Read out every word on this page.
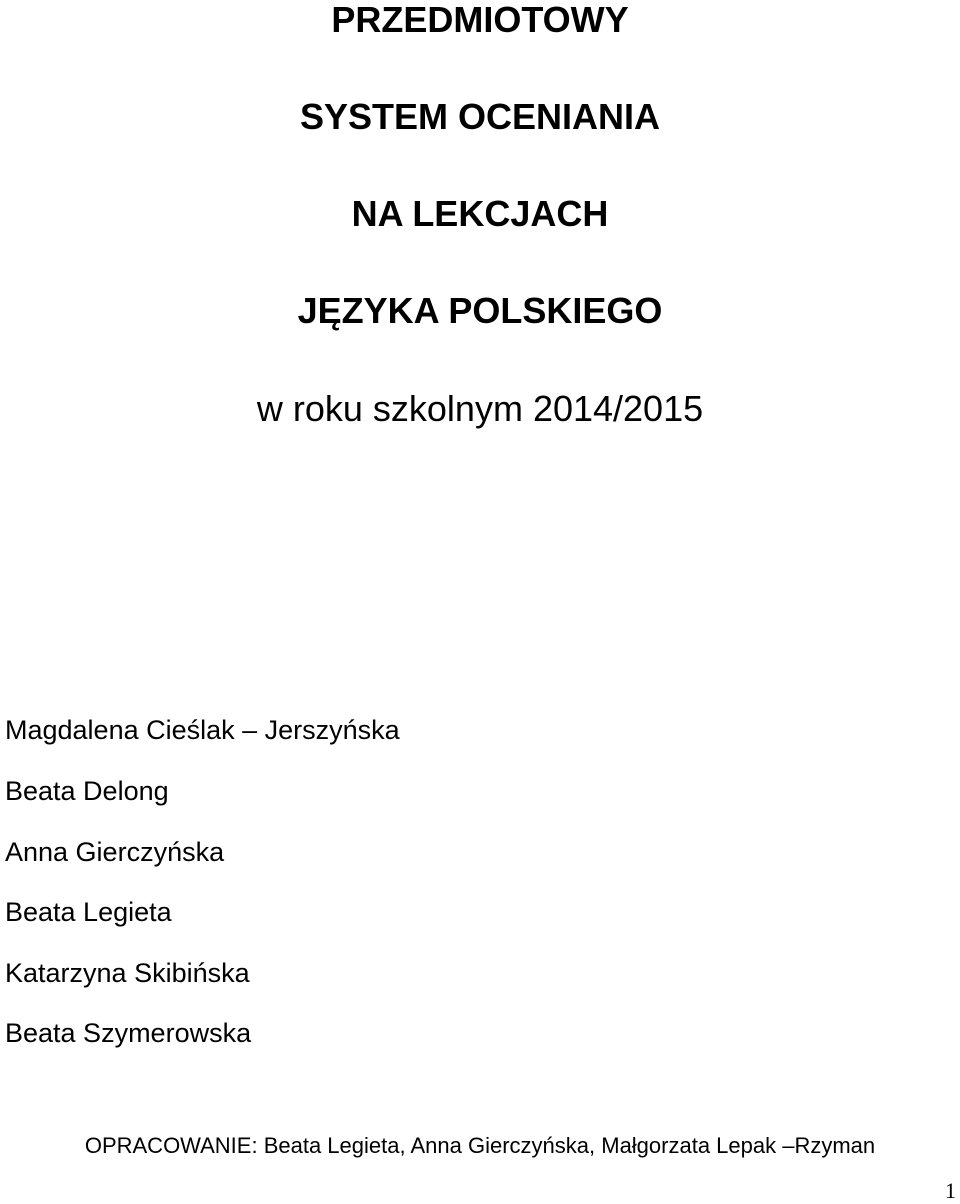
PRZEDMIOTOWY
SYSTEM OCENIANIA
NA LEKCJACH
JĘZYKA POLSKIEGO
w roku szkolnym 2014/2015
Magdalena Cieślak – Jerszyńska
Beata Delong
Anna Gierczyńska
Beata Legieta
Katarzyna Skibińska
Beata Szymerowska
OPRACOWANIE: Beata Legieta, Anna Gierczyńska, Małgorzata Lepak –Rzyman
1
